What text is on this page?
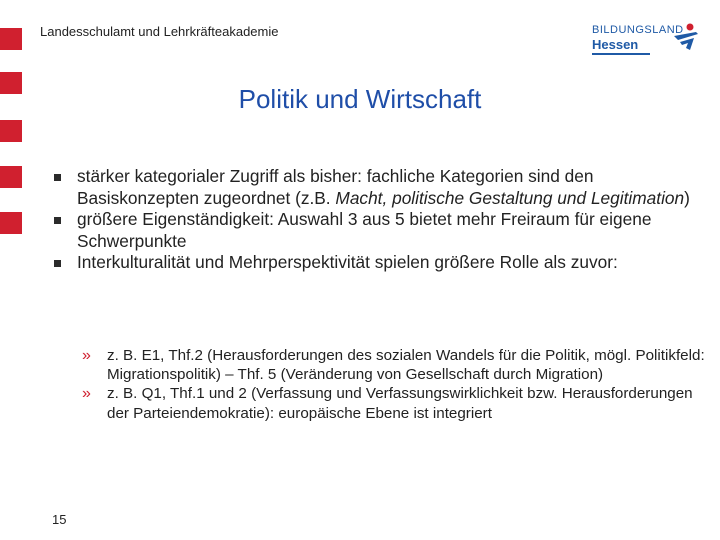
Landesschulamt und Lehrkräfteakademie	BILDUNGSLAND
Hessen
Politik und Wirtschaft
stärker kategorialer Zugriff als bisher: fachliche Kategorien sind den Basiskonzepten zugeordnet (z.B. Macht, politische Gestaltung und Legitimation)
größere Eigenständigkeit: Auswahl 3 aus 5 bietet mehr Freiraum für eigene Schwerpunkte
Interkulturalität und Mehrperspektivität spielen größere Rolle als zuvor:
» z. B. E1, Thf.2 (Herausforderungen des sozialen Wandels für die Politik, mögl. Politikfeld: Migrationspolitik) – Thf. 5 (Veränderung von Gesellschaft durch Migration)
» z. B. Q1, Thf.1 und 2 (Verfassung und Verfassungswirklichkeit bzw. Herausforderungen der Parteiendemokratie): europäische Ebene ist integriert
15
